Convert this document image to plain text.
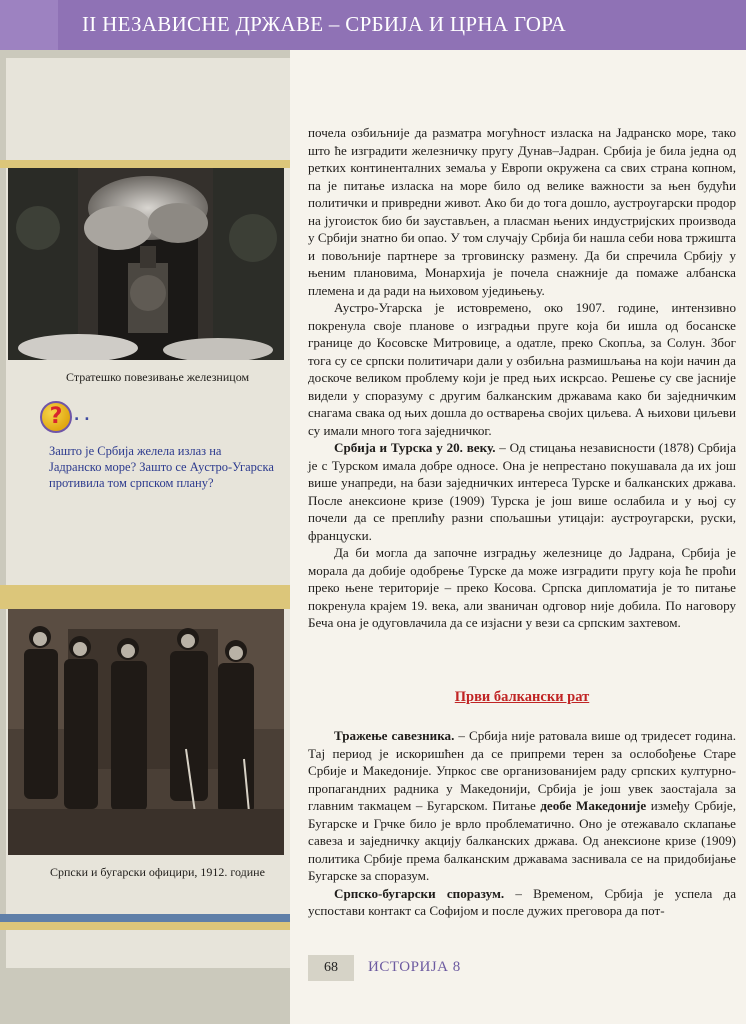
II НЕЗАВИСНЕ ДРЖАВЕ – СРБИЈА И ЦРНА ГОРА
Стратешко повезивање железницом
? . .
Зашто је Србија желела излаз на Јадранско море? Зашто се Аустро-Угарска противила том српском плану?
Српски и бугарски официри, 1912. године

почела озбиљније да разматра могућност изласка на Јадранско море, тако што ће изградити железничку пругу Дунав–Јадран. Србија је била једна од ретких континенталних земаља у Европи окружена са свих страна копном, па је питање изласка на море било од велике важности за њен будући политички и привредни живот. Ако би до тога дошло, аустроугарски продор на југоисток био би заустављен, а пласман њених индустријских производа у Србији знатно би опао. У том случају Србија би нашла себи нова тржишта и повољније партнере за трговинску размену. Да би спречила Србију у њеним плановима, Монархија је почела снажније да помаже албанска племена и да ради на њиховом уједињењу.

Аустро-Угарска је истовремено, око 1907. године, интензивно покренула своје планове о изградњи пруге која би ишла од босанске границе до Косовске Митровице, а одатле, преко Скопља, за Солун. Због тога су се српски политичари дали у озбиљна размишљања на који начин да доскоче великом проблему који је пред њих искрсао. Решење су све јасније видели у споразуму с другим балканским државама како би заједничким снагама свака од њих дошла до остварења својих циљева. А њихови циљеви су имали много тога заједничког.

Србија и Турска у 20. веку. – Од стицања независности (1878) Србија је с Турском имала добре односе. Она је непрестано покушавала да их још више унапреди, на бази заједничких интереса Турске и балканских држава. После анексионе кризе (1909) Турска је још више ослабила и у њој су почели да се преплићу разни спољашњи утицаји: аустроугарски, руски, француски.

Да би могла да започне изградњу железнице до Јадрана, Србија је морала да добије одобрење Турске да може изградити пругу која ће проћи преко њене територије – преко Косова. Српска дипломатија је то питање покренула крајем 19. века, али званичан одговор није добила. По наговору Беча она је одуговлачила да се изјасни у вези са српским захтевом.

Први балкански рат

Тражење савезника. – Србија није ратовала више од тридесет година. Тај период је искоришћен да се припреми терен за ослобођење Старе Србије и Македоније. Упркос све организованијем раду српских културно-пропагандних радника у Македонији, Србија је још увек заостајала за главним такмацем – Бугарском. Питање деобе Македоније између Србије, Бугарске и Грчке било је врло проблематично. Оно је отежавало склапање савеза и заједничку акцију балканских држава. Од анексионе кризе (1909) политика Србије према балканским државама заснивала се на придобијање Бугарске за споразум.

Српско-бугарски споразум. – Временом, Србија је успела да успостави контакт са Софијом и после дужих преговора да пот-

68	ИСТОРИЈА 8
